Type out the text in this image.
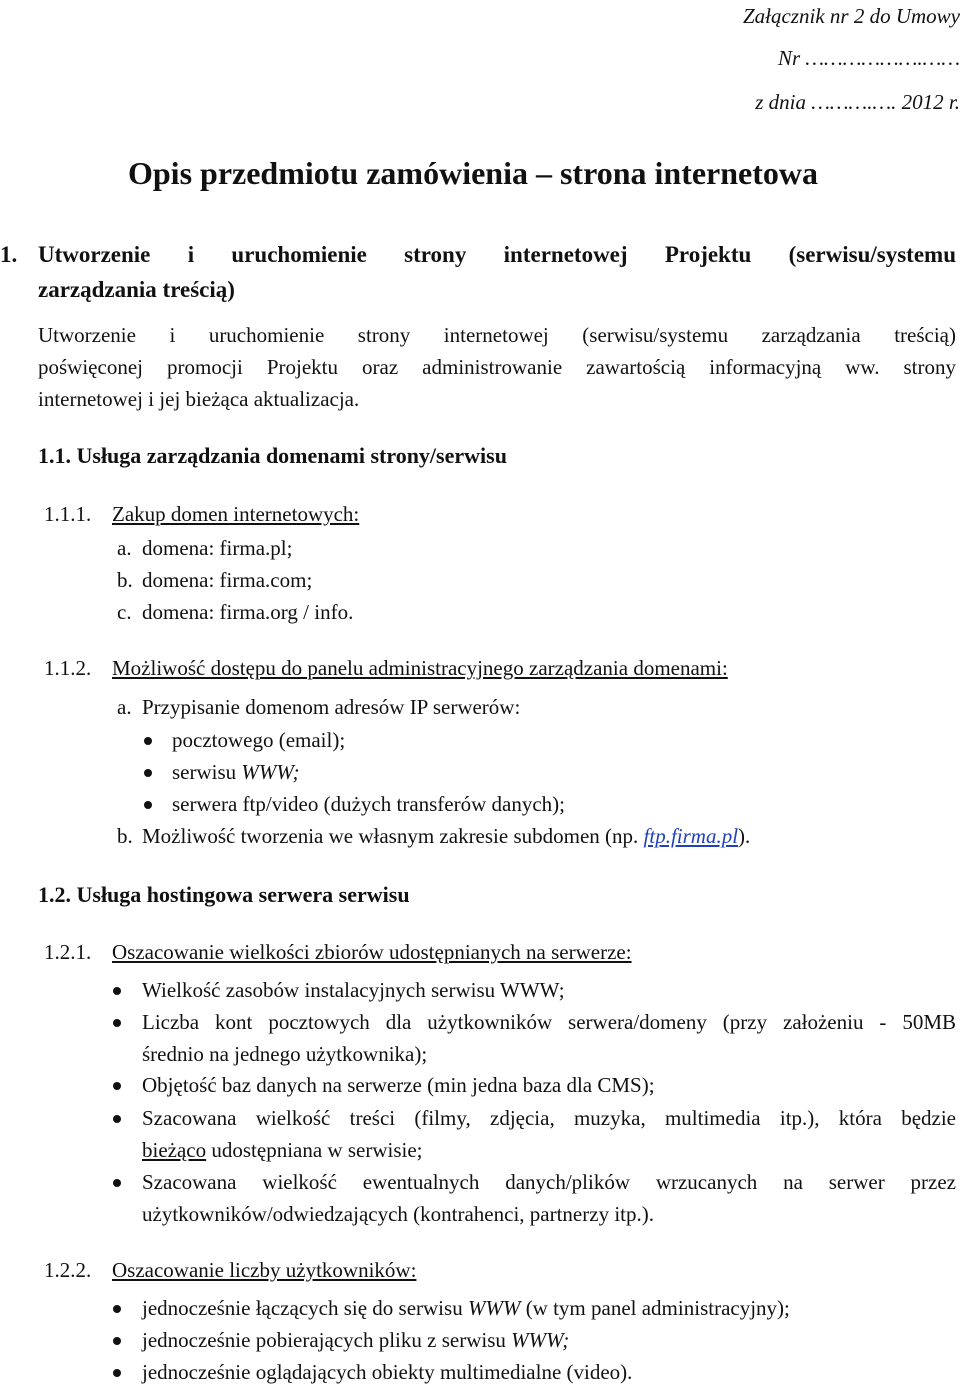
Załącznik nr 2 do Umowy
Nr ……………….……
z dnia ……….…. 2012 r.
Opis przedmiotu zamówienia – strona internetowa
1. Utworzenie i uruchomienie strony internetowej Projektu (serwisu/systemu
zarządzania treścią)
Utworzenie i uruchomienie strony internetowej (serwisu/systemu zarządzania treścią)
poświęconej promocji Projektu oraz administrowanie zawartością informacyjną ww. strony
internetowej i jej bieżąca aktualizacja.
1.1. Usługa zarządzania domenami strony/serwisu
1.1.1. Zakup domen internetowych:
a. domena: firma.pl;
b. domena: firma.com;
c. domena: firma.org / info.
1.1.2. Możliwość dostępu do panelu administracyjnego zarządzania domenami:
a. Przypisanie domenom adresów IP serwerów:
pocztowego (email);
serwisu WWW;
serwera ftp/video (dużych transferów danych);
b. Możliwość tworzenia we własnym zakresie subdomen (np. ftp.firma.pl).
1.2. Usługa hostingowa serwera serwisu
1.2.1. Oszacowanie wielkości zbiorów udostępnianych na serwerze:
Wielkość zasobów instalacyjnych serwisu WWW;
Liczba kont pocztowych dla użytkowników serwera/domeny (przy założeniu - 50MB
średnio na jednego użytkownika);
Objętość baz danych na serwerze (min jedna baza dla CMS);
Szacowana wielkość treści (filmy, zdjęcia, muzyka, multimedia itp.), która będzie
bieżąco udostępniana w serwisie;
Szacowana wielkość ewentualnych danych/plików wrzucanych na serwer przez
użytkowników/odwiedzających (kontrahenci, partnerzy itp.).
1.2.2. Oszacowanie liczby użytkowników:
jednocześnie łączących się do serwisu WWW (w tym panel administracyjny);
jednocześnie pobierających pliku z serwisu WWW;
jednocześnie oglądających obiekty multimedialne (video).
